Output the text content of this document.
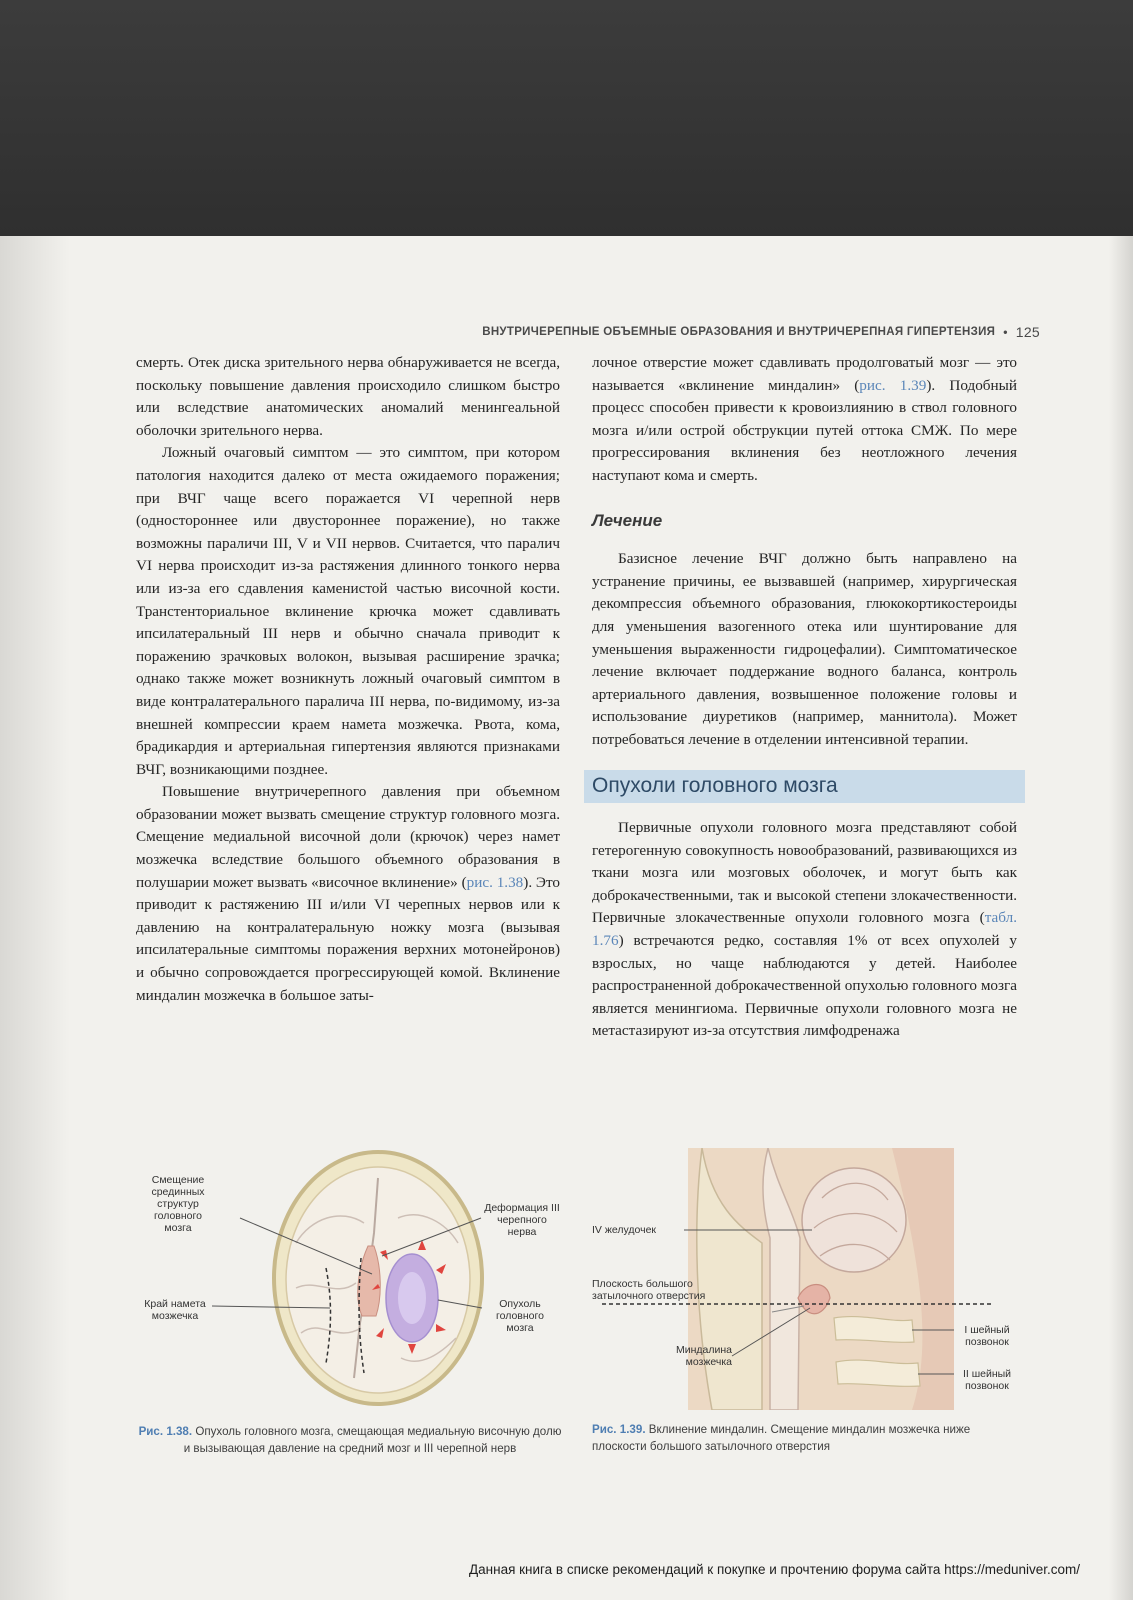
ВНУТРИЧЕРЕПНЫЕ ОБЪЕМНЫЕ ОБРАЗОВАНИЯ И ВНУТРИЧЕРЕПНАЯ ГИПЕРТЕНЗИЯ • 125

смерть. Отек диска зрительного нерва обнаруживается не всегда, поскольку повышение давления происходило слишком быстро или вследствие анатомических аномалий менингеальной оболочки зрительного нерва.

Ложный очаговый симптом — это симптом, при котором патология находится далеко от места ожидаемого поражения; при ВЧГ чаще всего поражается VI черепной нерв (одностороннее или двустороннее поражение), но также возможны параличи III, V и VII нервов. Считается, что паралич VI нерва происходит из-за растяжения длинного тонкого нерва или из-за его сдавления каменистой частью височной кости. Транстенториальное вклинение крючка может сдавливать ипсилатеральный III нерв и обычно сначала приводит к поражению зрачковых волокон, вызывая расширение зрачка; однако также может возникнуть ложный очаговый симптом в виде контралатерального паралича III нерва, по-видимому, из-за внешней компрессии краем намета мозжечка. Рвота, кома, брадикардия и артериальная гипертензия являются признаками ВЧГ, возникающими позднее.

Повышение внутричерепного давления при объемном образовании может вызвать смещение структур головного мозга. Смещение медиальной височной доли (крючок) через намет мозжечка вследствие большого объемного образования в полушарии может вызвать «височное вклинение» (рис. 1.38). Это приводит к растяжению III и/или VI черепных нервов или к давлению на контралатеральную ножку мозга (вызывая ипсилатеральные симптомы поражения верхних мотонейронов) и обычно сопровождается прогрессирующей комой. Вклинение миндалин мозжечка в большое заты-

лочное отверстие может сдавливать продолговатый мозг — это называется «вклинение миндалин» (рис. 1.39). Подобный процесс способен привести к кровоизлиянию в ствол головного мозга и/или острой обструкции путей оттока СМЖ. По мере прогрессирования вклинения без неотложного лечения наступают кома и смерть.

Лечение

Базисное лечение ВЧГ должно быть направлено на устранение причины, ее вызвавшей (например, хирургическая декомпрессия объемного образования, глюкокортикостероиды для уменьшения вазогенного отека или шунтирование для уменьшения выраженности гидроцефалии). Симптоматическое лечение включает поддержание водного баланса, контроль артериального давления, возвышенное положение головы и использование диуретиков (например, маннитола). Может потребоваться лечение в отделении интенсивной терапии.

Опухоли головного мозга

Первичные опухоли головного мозга представляют собой гетерогенную совокупность новообразований, развивающихся из ткани мозга или мозговых оболочек, и могут быть как доброкачественными, так и высокой степени злокачественности. Первичные злокачественные опухоли головного мозга (табл. 1.76) встречаются редко, составляя 1% от всех опухолей у взрослых, но чаще наблюдаются у детей. Наиболее распространенной доброкачественной опухолью головного мозга является менингиома. Первичные опухоли головного мозга не метастазируют из-за отсутствия лимфодренажа

Смещение срединных структур головного мозга
Край намета мозжечка
Деформация III черепного нерва
Опухоль головного мозга
Рис. 1.38. Опухоль головного мозга, смещающая медиальную височную долю и вызывающая давление на средний мозг и III черепной нерв
IV желудочек
Плоскость большого затылочного отверстия
Миндалина мозжечка
I шейный позвонок
II шейный позвонок
Рис. 1.39. Вклинение миндалин. Смещение миндалин мозжечка ниже плоскости большого затылочного отверстия
Данная книга в списке рекомендаций к покупке и прочтению форума сайта https://meduniver.com/
